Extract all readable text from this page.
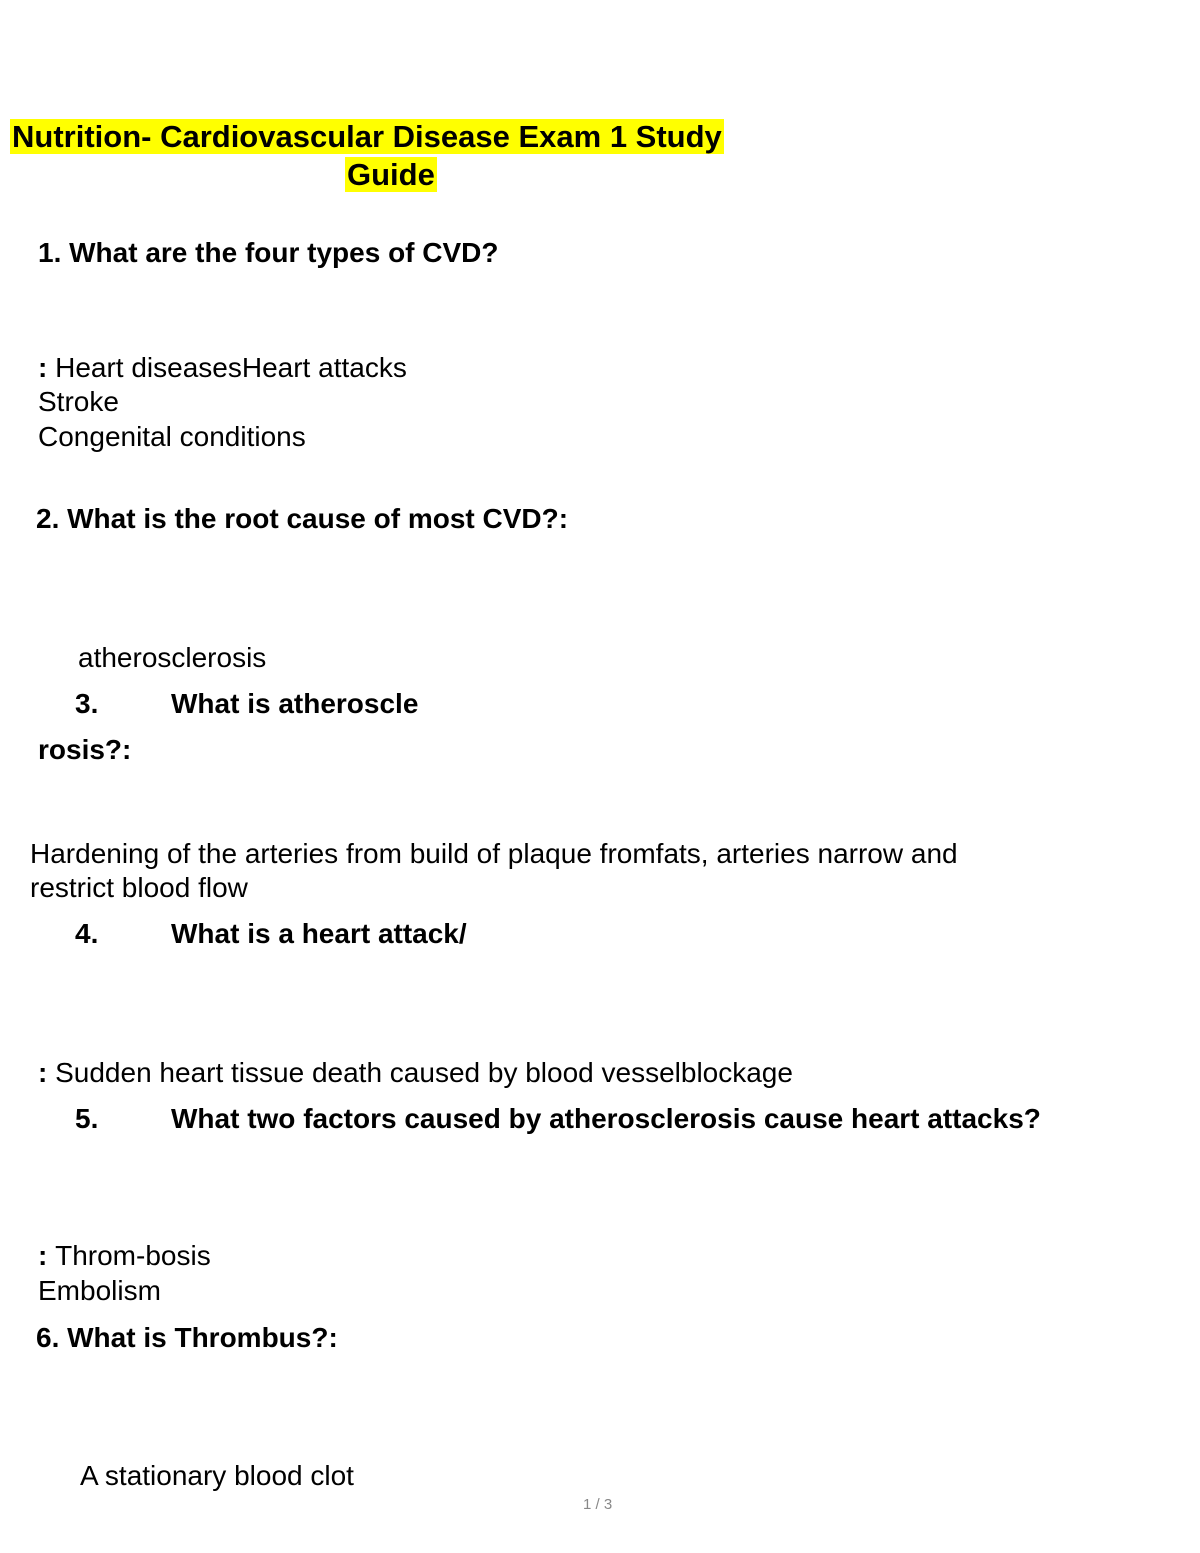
Nutrition- Cardiovascular Disease Exam 1 Study
Guide
1. What are the four types of CVD?
: Heart diseasesHeart attacks
Stroke
Congenital conditions
2. What is the root cause of most CVD?:
atherosclerosis
3.	What is atheroscle
rosis?:
Hardening of the arteries from build of plaque fromfats, arteries narrow and
restrict blood flow
4.	What is a heart attack/
: Sudden heart tissue death caused by blood vesselblockage
5.	What two factors caused by atherosclerosis cause heart attacks?
: Throm-bosis
Embolism
6. What is Thrombus?:
A stationary blood clot
1 / 3
